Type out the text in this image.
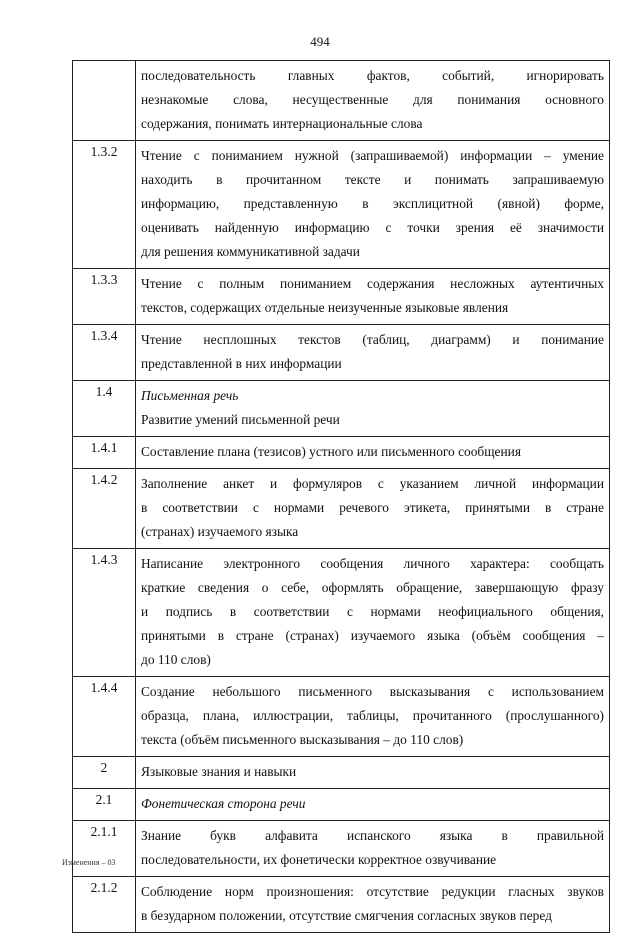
494

	последовательность главных фактов, событий, игнорировать
незнакомые слова, несущественные для понимания основного
содержания, понимать интернациональные слова

1.3.2	Чтение с пониманием нужной (запрашиваемой) информации – умение
находить в прочитанном тексте и понимать запрашиваемую
информацию, представленную в эксплицитной (явной) форме,
оценивать найденную информацию с точки зрения её значимости
для решения коммуникативной задачи

1.3.3	Чтение с полным пониманием содержания несложных аутентичных
текстов, содержащих отдельные неизученные языковые явления

1.3.4	Чтение несплошных текстов (таблиц, диаграмм) и понимание
представленной в них информации

1.4	Письменная речь
Развитие умений письменной речи

1.4.1	Составление плана (тезисов) устного или письменного сообщения

1.4.2	Заполнение анкет и формуляров с указанием личной информации
в соответствии с нормами речевого этикета, принятыми в стране
(странах) изучаемого языка

1.4.3	Написание электронного сообщения личного характера: сообщать
краткие сведения о себе, оформлять обращение, завершающую фразу
и подпись в соответствии с нормами неофициального общения,
принятыми в стране (странах) изучаемого языка (объём сообщения –
до 110 слов)

1.4.4	Создание небольшого письменного высказывания с использованием
образца, плана, иллюстрации, таблицы, прочитанного (прослушанного)
текста (объём письменного высказывания – до 110 слов)

2	Языковые знания и навыки

2.1	Фонетическая сторона речи

2.1.1	Знание букв алфавита испанского языка в правильной
последовательности, их фонетически корректное озвучивание

2.1.2	Соблюдение норм произношения: отсутствие редукции гласных звуков
в безударном положении, отсутствие смягчения согласных звуков перед
Изменения – 03
